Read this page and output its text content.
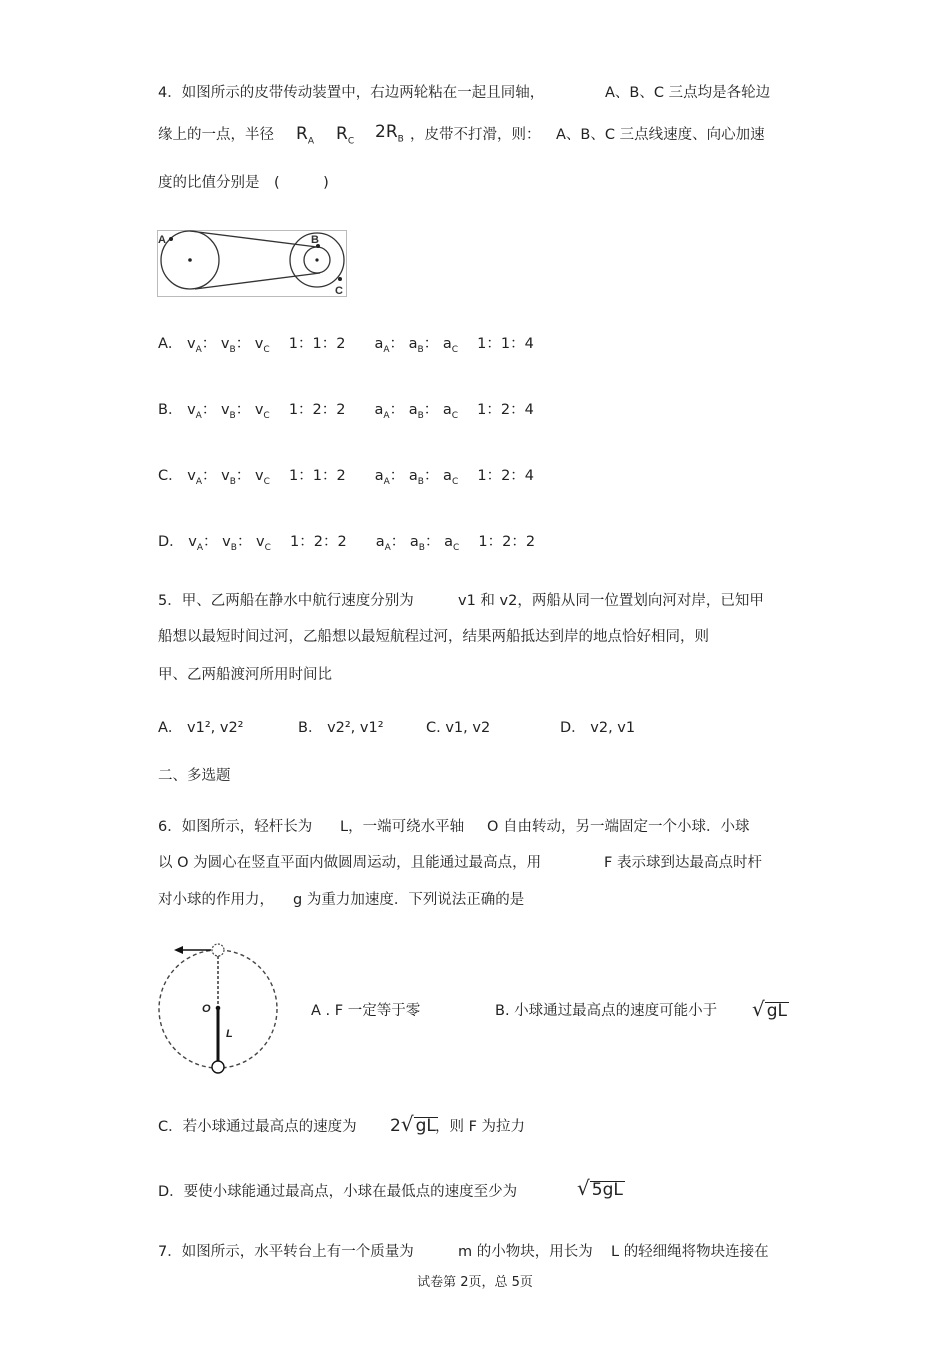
4．如图所示的皮带传动装置中，右边两轮粘在一起且同轴，	A、B、C 三点均是各轮边
缘上的一点，半径 $R_A$ $R_C$ $2R_B$ ，皮带不打滑，则： A、B、C 三点线速度、向心加速
度的比值分别是　(　　　)
A	B
C
A． $v_A$： $v_B$： $v_C$  1：1：2  $a_A$： $a_B$： $a_C$  1：1：4
B． $v_A$： $v_B$： $v_C$  1：2：2  $a_A$： $a_B$： $a_C$  1：2：4
C． $v_A$： $v_B$： $v_C$  1：1：2  $a_A$： $a_B$： $a_C$  1：2：4
D． $v_A$： $v_B$： $v_C$  1：2：2  $a_A$： $a_B$： $a_C$  1：2：2
5．甲、乙两船在静水中航行速度分别为	v1 和 v2，两船从同一位置划向河对岸，已知甲
船想以最短时间过河，乙船想以最短航程过河，结果两船抵达到岸的地点恰好相同，则
甲、乙两船渡河所用时间比
A． v1², v2²	B． v2², v1²	C. v1, v2	D． v2, v1
二、多选题
6．如图所示，轻杆长为 L，一端可绕水平轴 O 自由转动，另一端固定一个小球．小球
以 O 为圆心在竖直平面内做圆周运动，且能通过最高点，用	F 表示球到达最高点时杆
对小球的作用力， g 为重力加速度．下列说法正确的是
O
L
A . F 一定等于零	B. 小球通过最高点的速度可能小于 √ gL
C．若小球通过最高点的速度为 2√ gL ，则 F 为拉力
D．要使小球能通过最高点，小球在最低点的速度至少为	√ 5gL
7．如图所示，水平转台上有一个质量为	m 的小物块，用长为 L 的轻细绳将物块连接在
试卷第 2页，总 5页
